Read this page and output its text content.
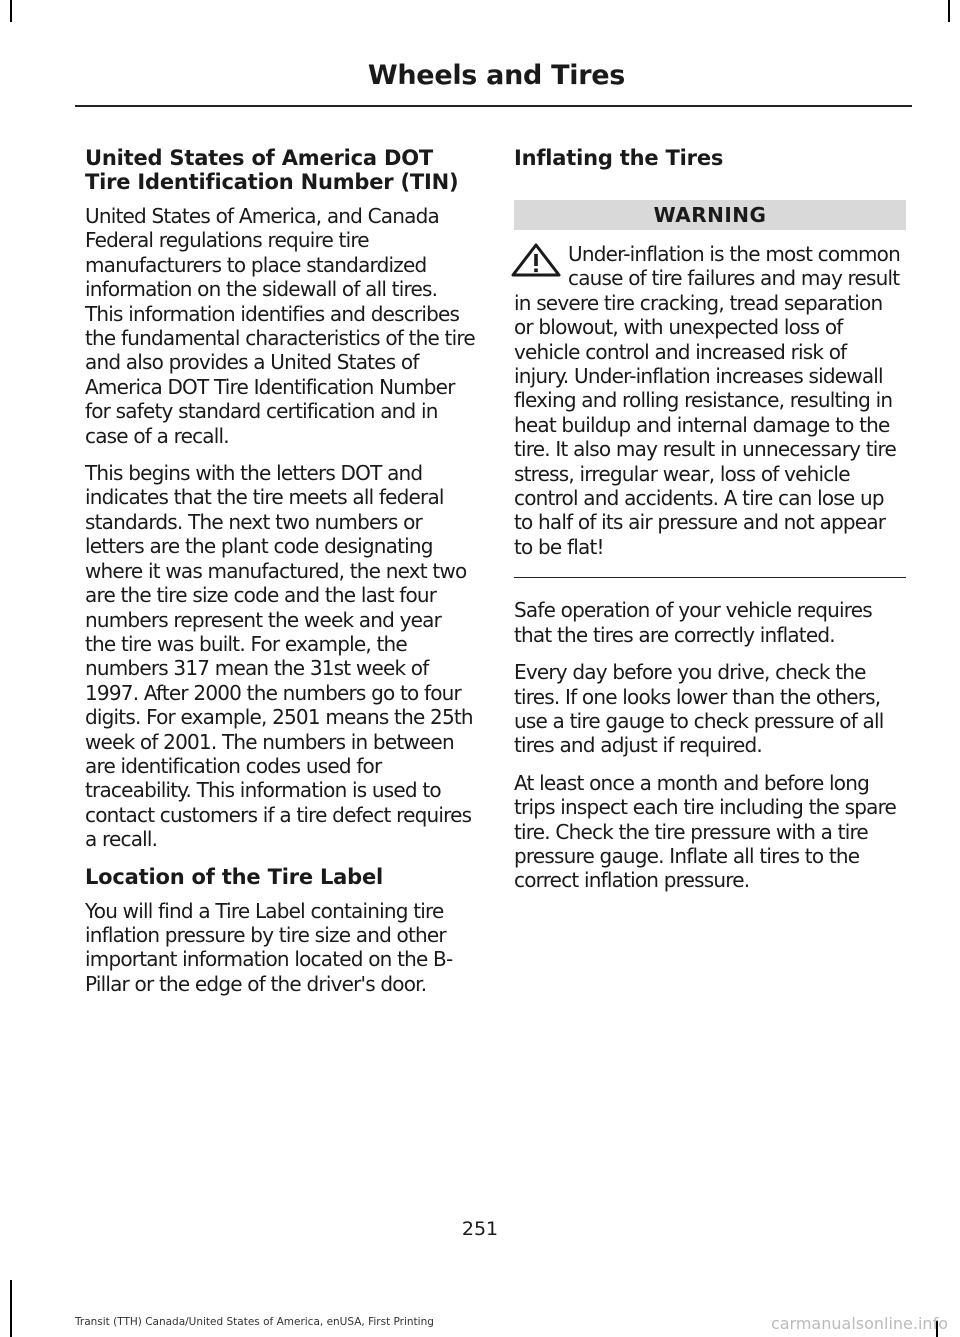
Wheels and Tires
United States of America DOT Tire Identification Number (TIN)

United States of America, and Canada Federal regulations require tire manufacturers to place standardized information on the sidewall of all tires. This information identifies and describes the fundamental characteristics of the tire and also provides a United States of America DOT Tire Identification Number for safety standard certification and in case of a recall.

This begins with the letters DOT and indicates that the tire meets all federal standards. The next two numbers or letters are the plant code designating where it was manufactured, the next two are the tire size code and the last four numbers represent the week and year the tire was built. For example, the numbers 317 mean the 31st week of 1997. After 2000 the numbers go to four digits. For example, 2501 means the 25th week of 2001. The numbers in between are identification codes used for traceability. This information is used to contact customers if a tire defect requires a recall.

Location of the Tire Label

You will find a Tire Label containing tire inflation pressure by tire size and other important information located on the B-Pillar or the edge of the driver's door.

Inflating the Tires
WARNING

Under-inflation is the most common cause of tire failures and may result in severe tire cracking, tread separation or blowout, with unexpected loss of vehicle control and increased risk of injury. Under-inflation increases sidewall flexing and rolling resistance, resulting in heat buildup and internal damage to the tire. It also may result in unnecessary tire stress, irregular wear, loss of vehicle control and accidents. A tire can lose up to half of its air pressure and not appear to be flat!

Safe operation of your vehicle requires that the tires are correctly inflated.

Every day before you drive, check the tires. If one looks lower than the others, use a tire gauge to check pressure of all tires and adjust if required.

At least once a month and before long trips inspect each tire including the spare tire. Check the tire pressure with a tire pressure gauge. Inflate all tires to the correct inflation pressure.

251
Transit (TTH) Canada/United States of America, enUSA, First Printing	carmanualsonline.info
